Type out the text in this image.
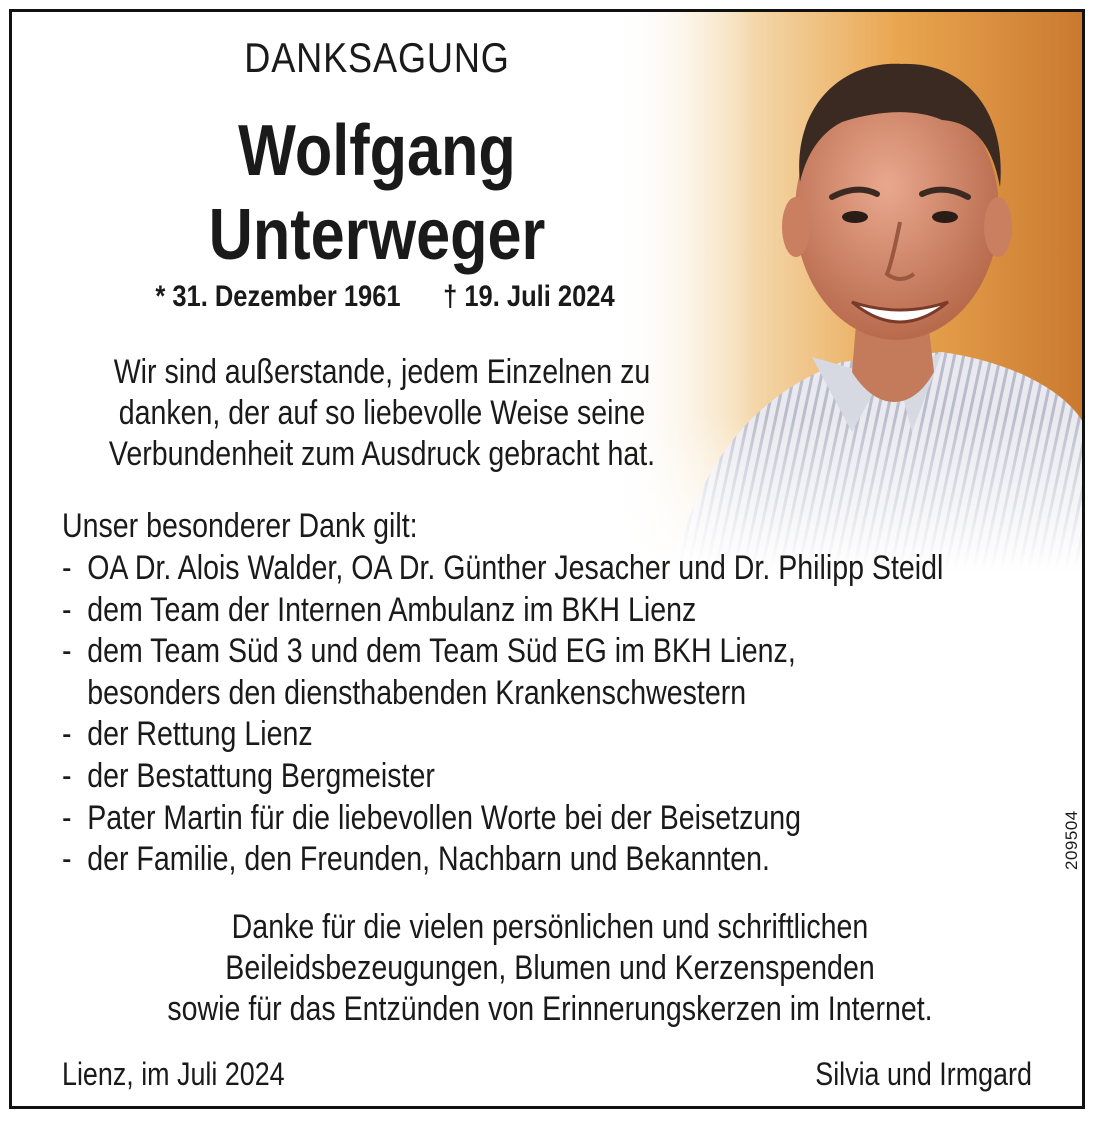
DANKSAGUNG
Wolfgang
Unterweger
* 31. Dezember 1961 † 19. Juli 2024
Wir sind außerstande, jedem Einzelnen zu
danken, der auf so liebevolle Weise seine
Verbundenheit zum Ausdruck gebracht hat.
Unser besonderer Dank gilt:
- OA Dr. Alois Walder, OA Dr. Günther Jesacher und Dr. Philipp Steidl
- dem Team der Internen Ambulanz im BKH Lienz
- dem Team Süd 3 und dem Team Süd EG im BKH Lienz,
besonders den diensthabenden Krankenschwestern
- der Rettung Lienz
- der Bestattung Bergmeister
- Pater Martin für die liebevollen Worte bei der Beisetzung
- der Familie, den Freunden, Nachbarn und Bekannten.
Danke für die vielen persönlichen und schriftlichen
Beileidsbezeugungen, Blumen und Kerzenspenden
sowie für das Entzünden von Erinnerungskerzen im Internet.
Lienz, im Juli 2024	Silvia und Irmgard
209504
